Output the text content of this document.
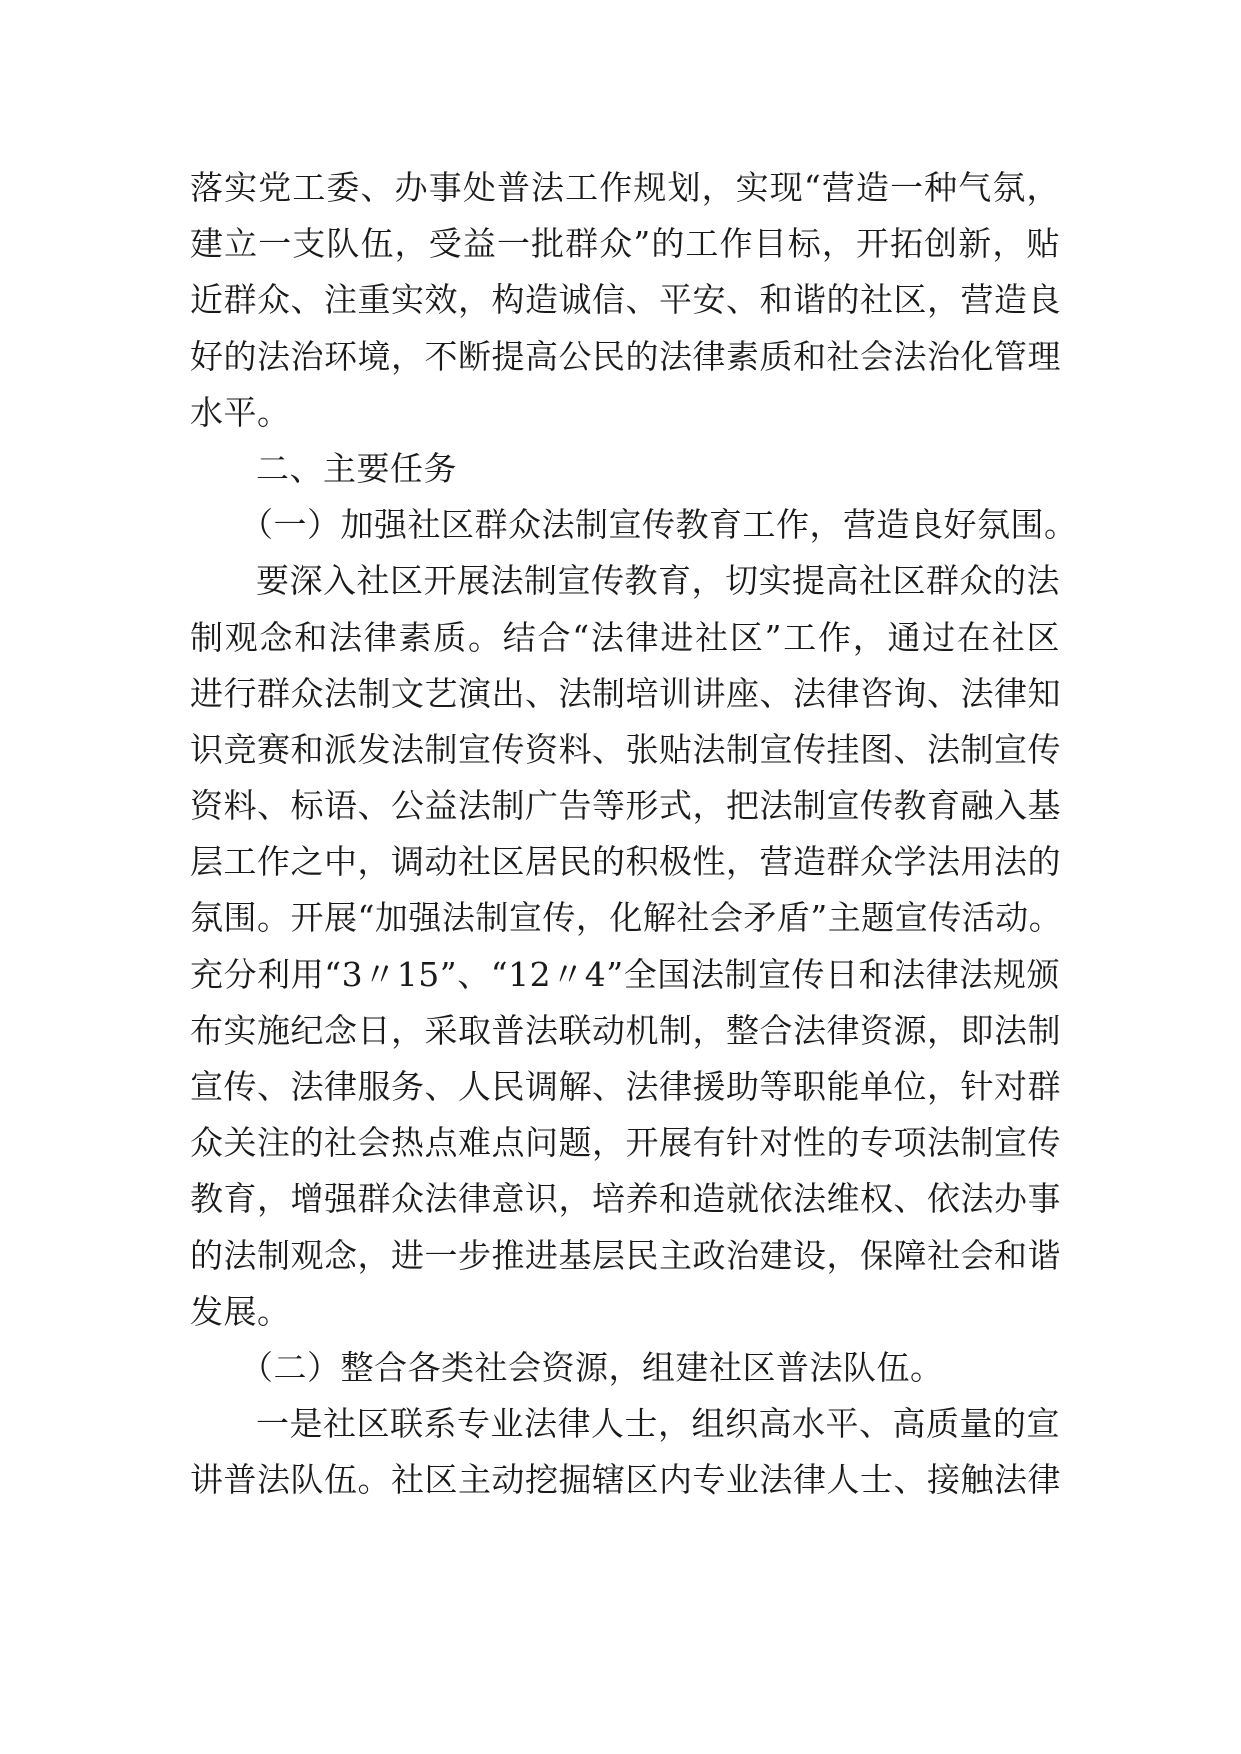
落实党工委、办事处普法工作规划，实现“营造一种气氛，
建立一支队伍，受益一批群众”的工作目标，开拓创新，贴
近群众、注重实效，构造诚信、平安、和谐的社区，营造良
好的法治环境，不断提高公民的法律素质和社会法治化管理
水平。
二、主要任务
（一）加强社区群众法制宣传教育工作，营造良好氛围。
要深入社区开展法制宣传教育，切实提高社区群众的法
制观念和法律素质。结合“法律进社区”工作，通过在社区
进行群众法制文艺演出、法制培训讲座、法律咨询、法律知
识竞赛和派发法制宣传资料、张贴法制宣传挂图、法制宣传
资料、标语、公益法制广告等形式，把法制宣传教育融入基
层工作之中，调动社区居民的积极性，营造群众学法用法的
氛围。开展“加强法制宣传，化解社会矛盾”主题宣传活动。
充分利用“3〃15”、“12〃4”全国法制宣传日和法律法规颁
布实施纪念日，采取普法联动机制，整合法律资源，即法制
宣传、法律服务、人民调解、法律援助等职能单位，针对群
众关注的社会热点难点问题，开展有针对性的专项法制宣传
教育，增强群众法律意识，培养和造就依法维权、依法办事
的法制观念，进一步推进基层民主政治建设，保障社会和谐
发展。
（二）整合各类社会资源，组建社区普法队伍。
一是社区联系专业法律人士，组织高水平、高质量的宣
讲普法队伍。社区主动挖掘辖区内专业法律人士、接触法律
